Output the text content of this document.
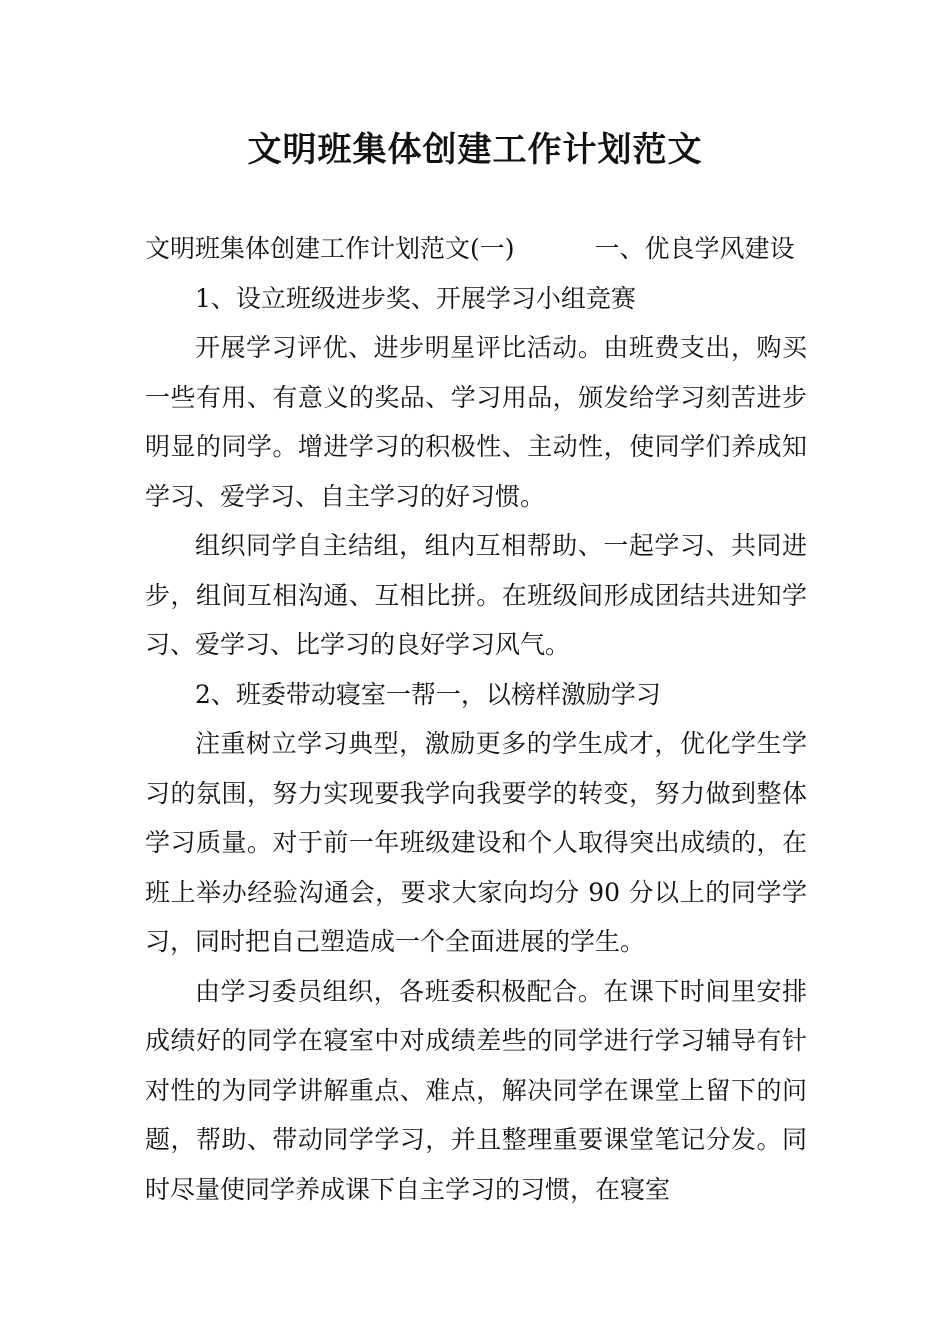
文明班集体创建工作计划范文

文明班集体创建工作计划范文(一)	一、优良学风建设

1、设立班级进步奖、开展学习小组竞赛

开展学习评优、进步明星评比活动。由班费支出，购买一些有用、有意义的奖品、学习用品，颁发给学习刻苦进步明显的同学。增进学习的积极性、主动性，使同学们养成知学习、爱学习、自主学习的好习惯。

组织同学自主结组，组内互相帮助、一起学习、共同进步，组间互相沟通、互相比拼。在班级间形成团结共进知学习、爱学习、比学习的良好学习风气。

2、班委带动寝室一帮一，以榜样激励学习

注重树立学习典型，激励更多的学生成才，优化学生学习的氛围，努力实现要我学向我要学的转变，努力做到整体学习质量。对于前一年班级建设和个人取得突出成绩的，在班上举办经验沟通会，要求大家向均分 90 分以上的同学学习，同时把自己塑造成一个全面进展的学生。

由学习委员组织，各班委积极配合。在课下时间里安排成绩好的同学在寝室中对成绩差些的同学进行学习辅导有针对性的为同学讲解重点、难点，解决同学在课堂上留下的问题，帮助、带动同学学习，并且整理重要课堂笔记分发。同时尽量使同学养成课下自主学习的习惯，在寝室
